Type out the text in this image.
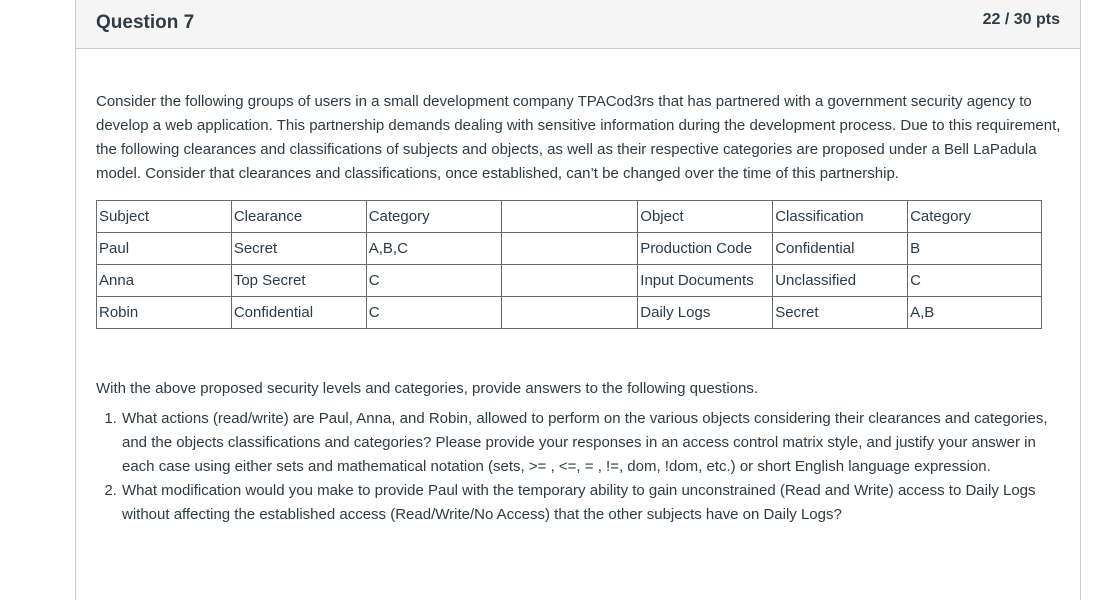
Question 7	22 / 30 pts

Consider the following groups of users in a small development company TPACod3rs that has partnered with a government security agency to develop a web application. This partnership demands dealing with sensitive information during the development process. Due to this requirement, the following clearances and classifications of subjects and objects, as well as their respective categories are proposed under a Bell LaPadula model. Consider that clearances and classifications, once established, can’t be changed over the time of this partnership.

Subject	Clearance	Category		Object	Classification	Category
Paul	Secret	A,B,C		Production Code	Confidential	B
Anna	Top Secret	C		Input Documents	Unclassified	C
Robin	Confidential	C		Daily Logs	Secret	A,B

With the above proposed security levels and categories, provide answers to the following questions.

1. What actions (read/write) are Paul, Anna, and Robin, allowed to perform on the various objects considering their clearances and categories, and the objects classifications and categories? Please provide your responses in an access control matrix style, and justify your answer in each case using either sets and mathematical notation (sets, >= , <=, = , !=, dom, !dom, etc.) or short English language expression.
2. What modification would you make to provide Paul with the temporary ability to gain unconstrained (Read and Write) access to Daily Logs without affecting the established access (Read/Write/No Access) that the other subjects have on Daily Logs?
